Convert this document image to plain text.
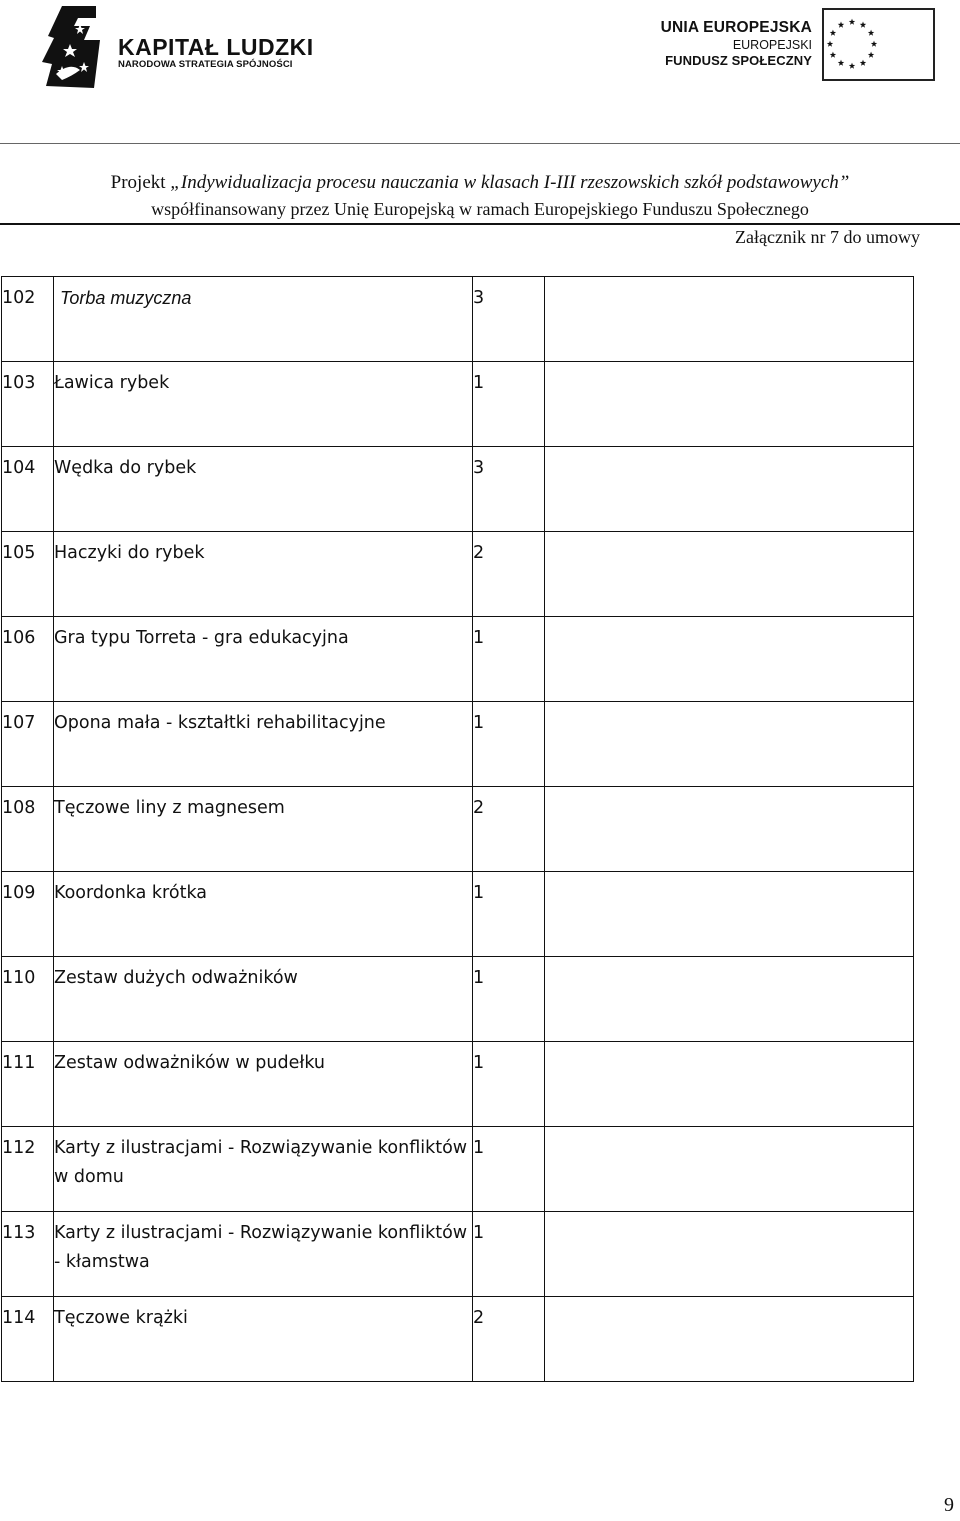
KAPITAŁ LUDZKI
NARODOWA STRATEGIA SPÓJNOŚCI
UNIA EUROPEJSKA
EUROPEJSKI
FUNDUSZ SPOŁECZNY
Projekt „Indywidualizacja procesu nauczania w klasach I-III rzeszowskich szkół podstawowych”
współfinansowany przez Unię Europejską w ramach Europejskiego Funduszu Społecznego
Załącznik nr 7 do umowy
102	Torba muzyczna	3	

103	Ławica rybek	1	

104	Wędka do rybek	3	

105	Haczyki do rybek	2	

106	Gra typu Torreta - gra edukacyjna	1	

107	Opona mała - kształtki rehabilitacyjne	1	

108	Tęczowe liny z magnesem	2	

109	Koordonka krótka	1	

110	Zestaw dużych odważników	1	

111	Zestaw odważników w pudełku	1	

112	Karty z ilustracjami - Rozwiązywanie konfliktów w domu	1	

113	Karty z ilustracjami - Rozwiązywanie konfliktów - kłamstwa	1	

114	Tęczowe krążki	2	

9
